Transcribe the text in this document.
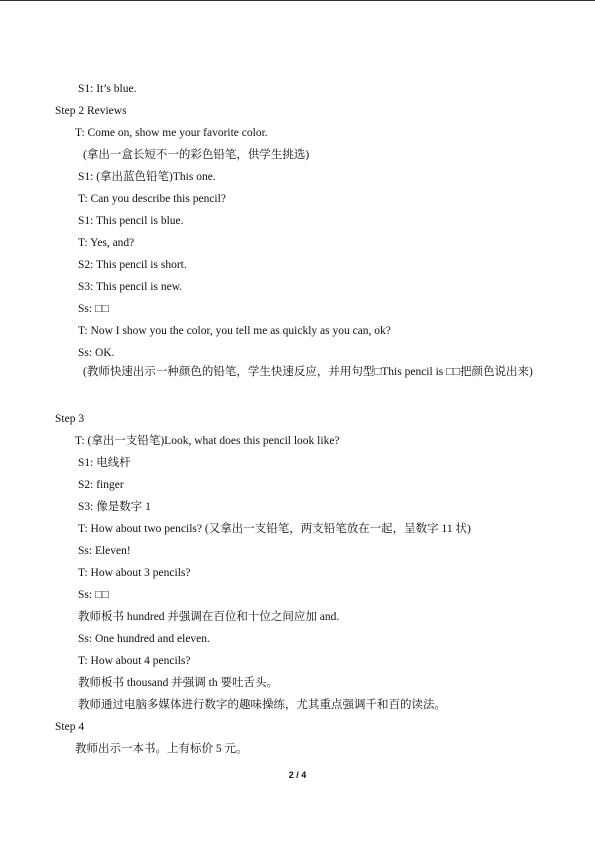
S1: It’s blue.
Step 2 Reviews
T: Come on, show me your favorite color.
(拿出一盒长短不一的彩色铅笔，供学生挑选)
S1: (拿出蓝色铅笔)This one.
T: Can you describe this pencil?
S1: This pencil is blue.
T: Yes, and?
S2: This pencil is short.
S3: This pencil is new.
Ss: □□
T: Now I show you the color, you tell me as quickly as you can, ok?
Ss: OK.
(教师快速出示一种颜色的铅笔，学生快速反应，并用句型□This pencil is □□把颜色说出来)
Step 3
T: (拿出一支铅笔)Look, what does this pencil look like?
S1: 电线杆
S2: finger
S3: 像是数字 1
T: How about two pencils? (又拿出一支铅笔，两支铅笔放在一起，呈数字 11 状)
Ss: Eleven!
T: How about 3 pencils?
Ss: □□
教师板书 hundred 并强调在百位和十位之间应加 and.
Ss: One hundred and eleven.
T: How about 4 pencils?
教师板书 thousand 并强调 th 要吐舌头。
教师通过电脑多媒体进行数字的趣味操练，尤其重点强调千和百的读法。
Step 4
教师出示一本书。上有标价 5 元。
2 / 4
